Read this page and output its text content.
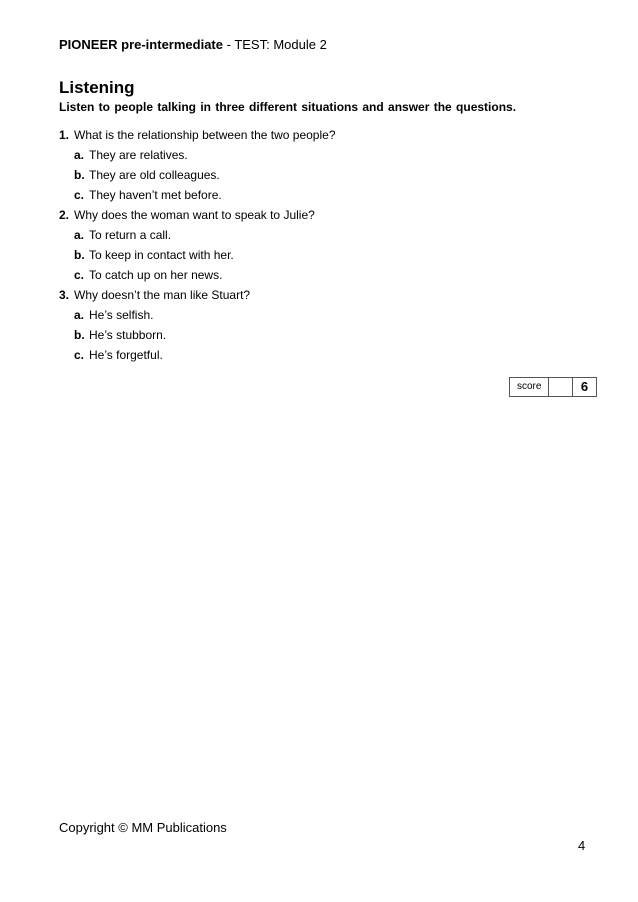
PIONEER pre-intermediate - TEST: Module 2
Listening
Listen to people talking in three different situations and answer the questions.
1. What is the relationship between the two people?
a. They are relatives.
b. They are old colleagues.
c. They haven’t met before.
2. Why does the woman want to speak to Julie?
a. To return a call.
b. To keep in contact with her.
c. To catch up on her news.
3. Why doesn’t the man like Stuart?
a. He’s selfish.
b. He’s stubborn.
c. He’s forgetful.
score	6
Copyright © MM Publications
4
